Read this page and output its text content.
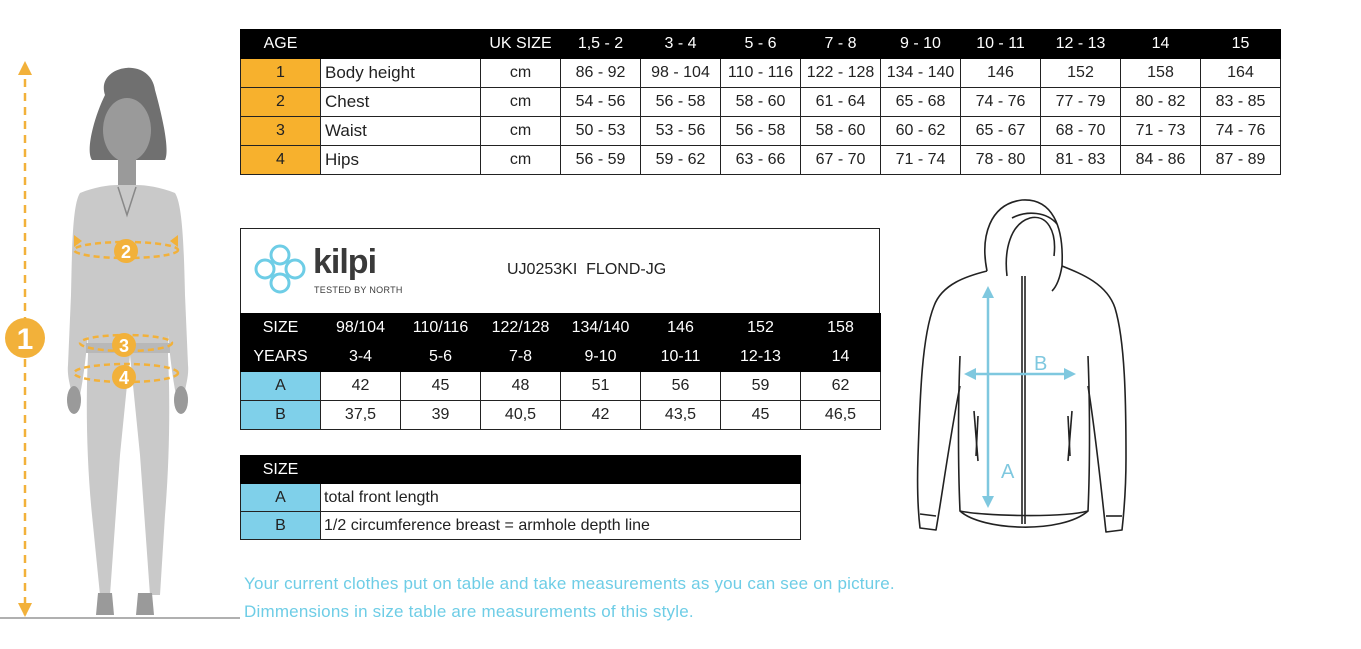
1
2
3
4
AGE		UK SIZE	1,5 - 2	3 - 4	5 - 6	7 - 8	9 - 10	10 - 11	12 - 13	14	15
1	Body height	cm	86 - 92	98 - 104	110 - 116	122 - 128	134 - 140	146	152	158	164
2	Chest	cm	54 - 56	56 - 58	58 - 60	61 - 64	65 - 68	74 - 76	77 - 79	80 - 82	83 - 85
3	Waist	cm	50 - 53	53 - 56	56 - 58	58 - 60	60 - 62	65 - 67	68 - 70	71 - 73	74 - 76
4	Hips	cm	56 - 59	59 - 62	63 - 66	67 - 70	71 - 74	78 - 80	81 - 83	84 - 86	87 - 89
kilpi
TESTED BY NORTH
UJ0253KI  FLOND-JG
SIZE	98/104	110/116	122/128	134/140	146	152	158
YEARS	3-4	5-6	7-8	9-10	10-11	12-13	14
A	42	45	48	51	56	59	62
B	37,5	39	40,5	42	43,5	45	46,5
SIZE	
A	total front length
B	1/2 circumference breast = armhole depth line
A
B
Your current clothes put on table and take measurements as you can see on picture.
Dimmensions in size table are measurements of this style.
